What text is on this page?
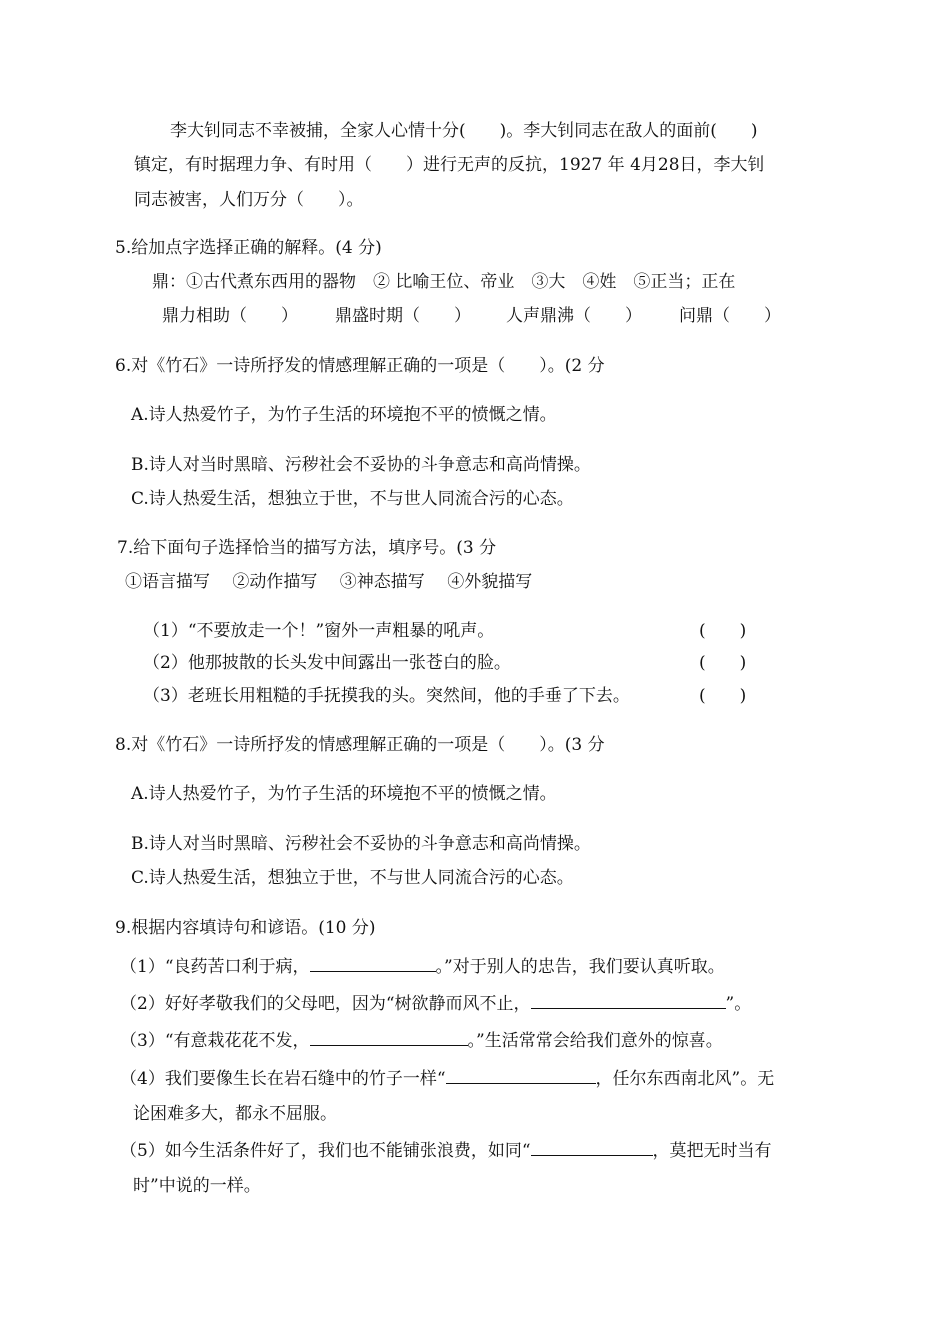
李大钊同志不幸被捕，全家人心情十分(　　)。李大钊同志在敌人的面前(　　)
镇定，有时据理力争、有时用（　　）进行无声的反抗，1927 年 4月28日，李大钊
同志被害，人们万分（　　）。
5.给加点字选择正确的解释。(4 分)
鼎：①古代煮东西用的器物　② 比喻王位、帝业　③大　④姓　⑤正当；正在
鼎力相助（　　） 鼎盛时期（　　） 人声鼎沸（　　） 问鼎（　　）
6.对《竹石》一诗所抒发的情感理解正确的一项是（　　）。(2 分
A.诗人热爱竹子，为竹子生活的环境抱不平的愤慨之情。
B.诗人对当时黑暗、污秽社会不妥协的斗争意志和高尚情操。
C.诗人热爱生活，想独立于世，不与世人同流合污的心态。
7.给下面句子选择恰当的描写方法，填序号。(3 分
①语言描写　 ②动作描写　 ③神态描写　 ④外貌描写
（1）“不要放走一个！”窗外一声粗暴的吼声。	(　　)
（2）他那披散的长头发中间露出一张苍白的脸。	(　　)
（3）老班长用粗糙的手抚摸我的头。突然间，他的手垂了下去。	(　　)
8.对《竹石》一诗所抒发的情感理解正确的一项是（　　）。(3 分
A.诗人热爱竹子，为竹子生活的环境抱不平的愤慨之情。
B.诗人对当时黑暗、污秽社会不妥协的斗争意志和高尚情操。
C.诗人热爱生活，想独立于世，不与世人同流合污的心态。
9.根据内容填诗句和谚语。(10 分)
（1）“良药苦口利于病，	。”对于别人的忠告，我们要认真听取。
（2）好好孝敬我们的父母吧，因为“树欲静而风不止，	”。
（3）“有意栽花花不发，	。”生活常常会给我们意外的惊喜。
（4）我们要像生长在岩石缝中的竹子一样“	，任尔东西南北风”。无
论困难多大，都永不屈服。
（5）如今生活条件好了，我们也不能铺张浪费，如同“	，莫把无时当有
时”中说的一样。
